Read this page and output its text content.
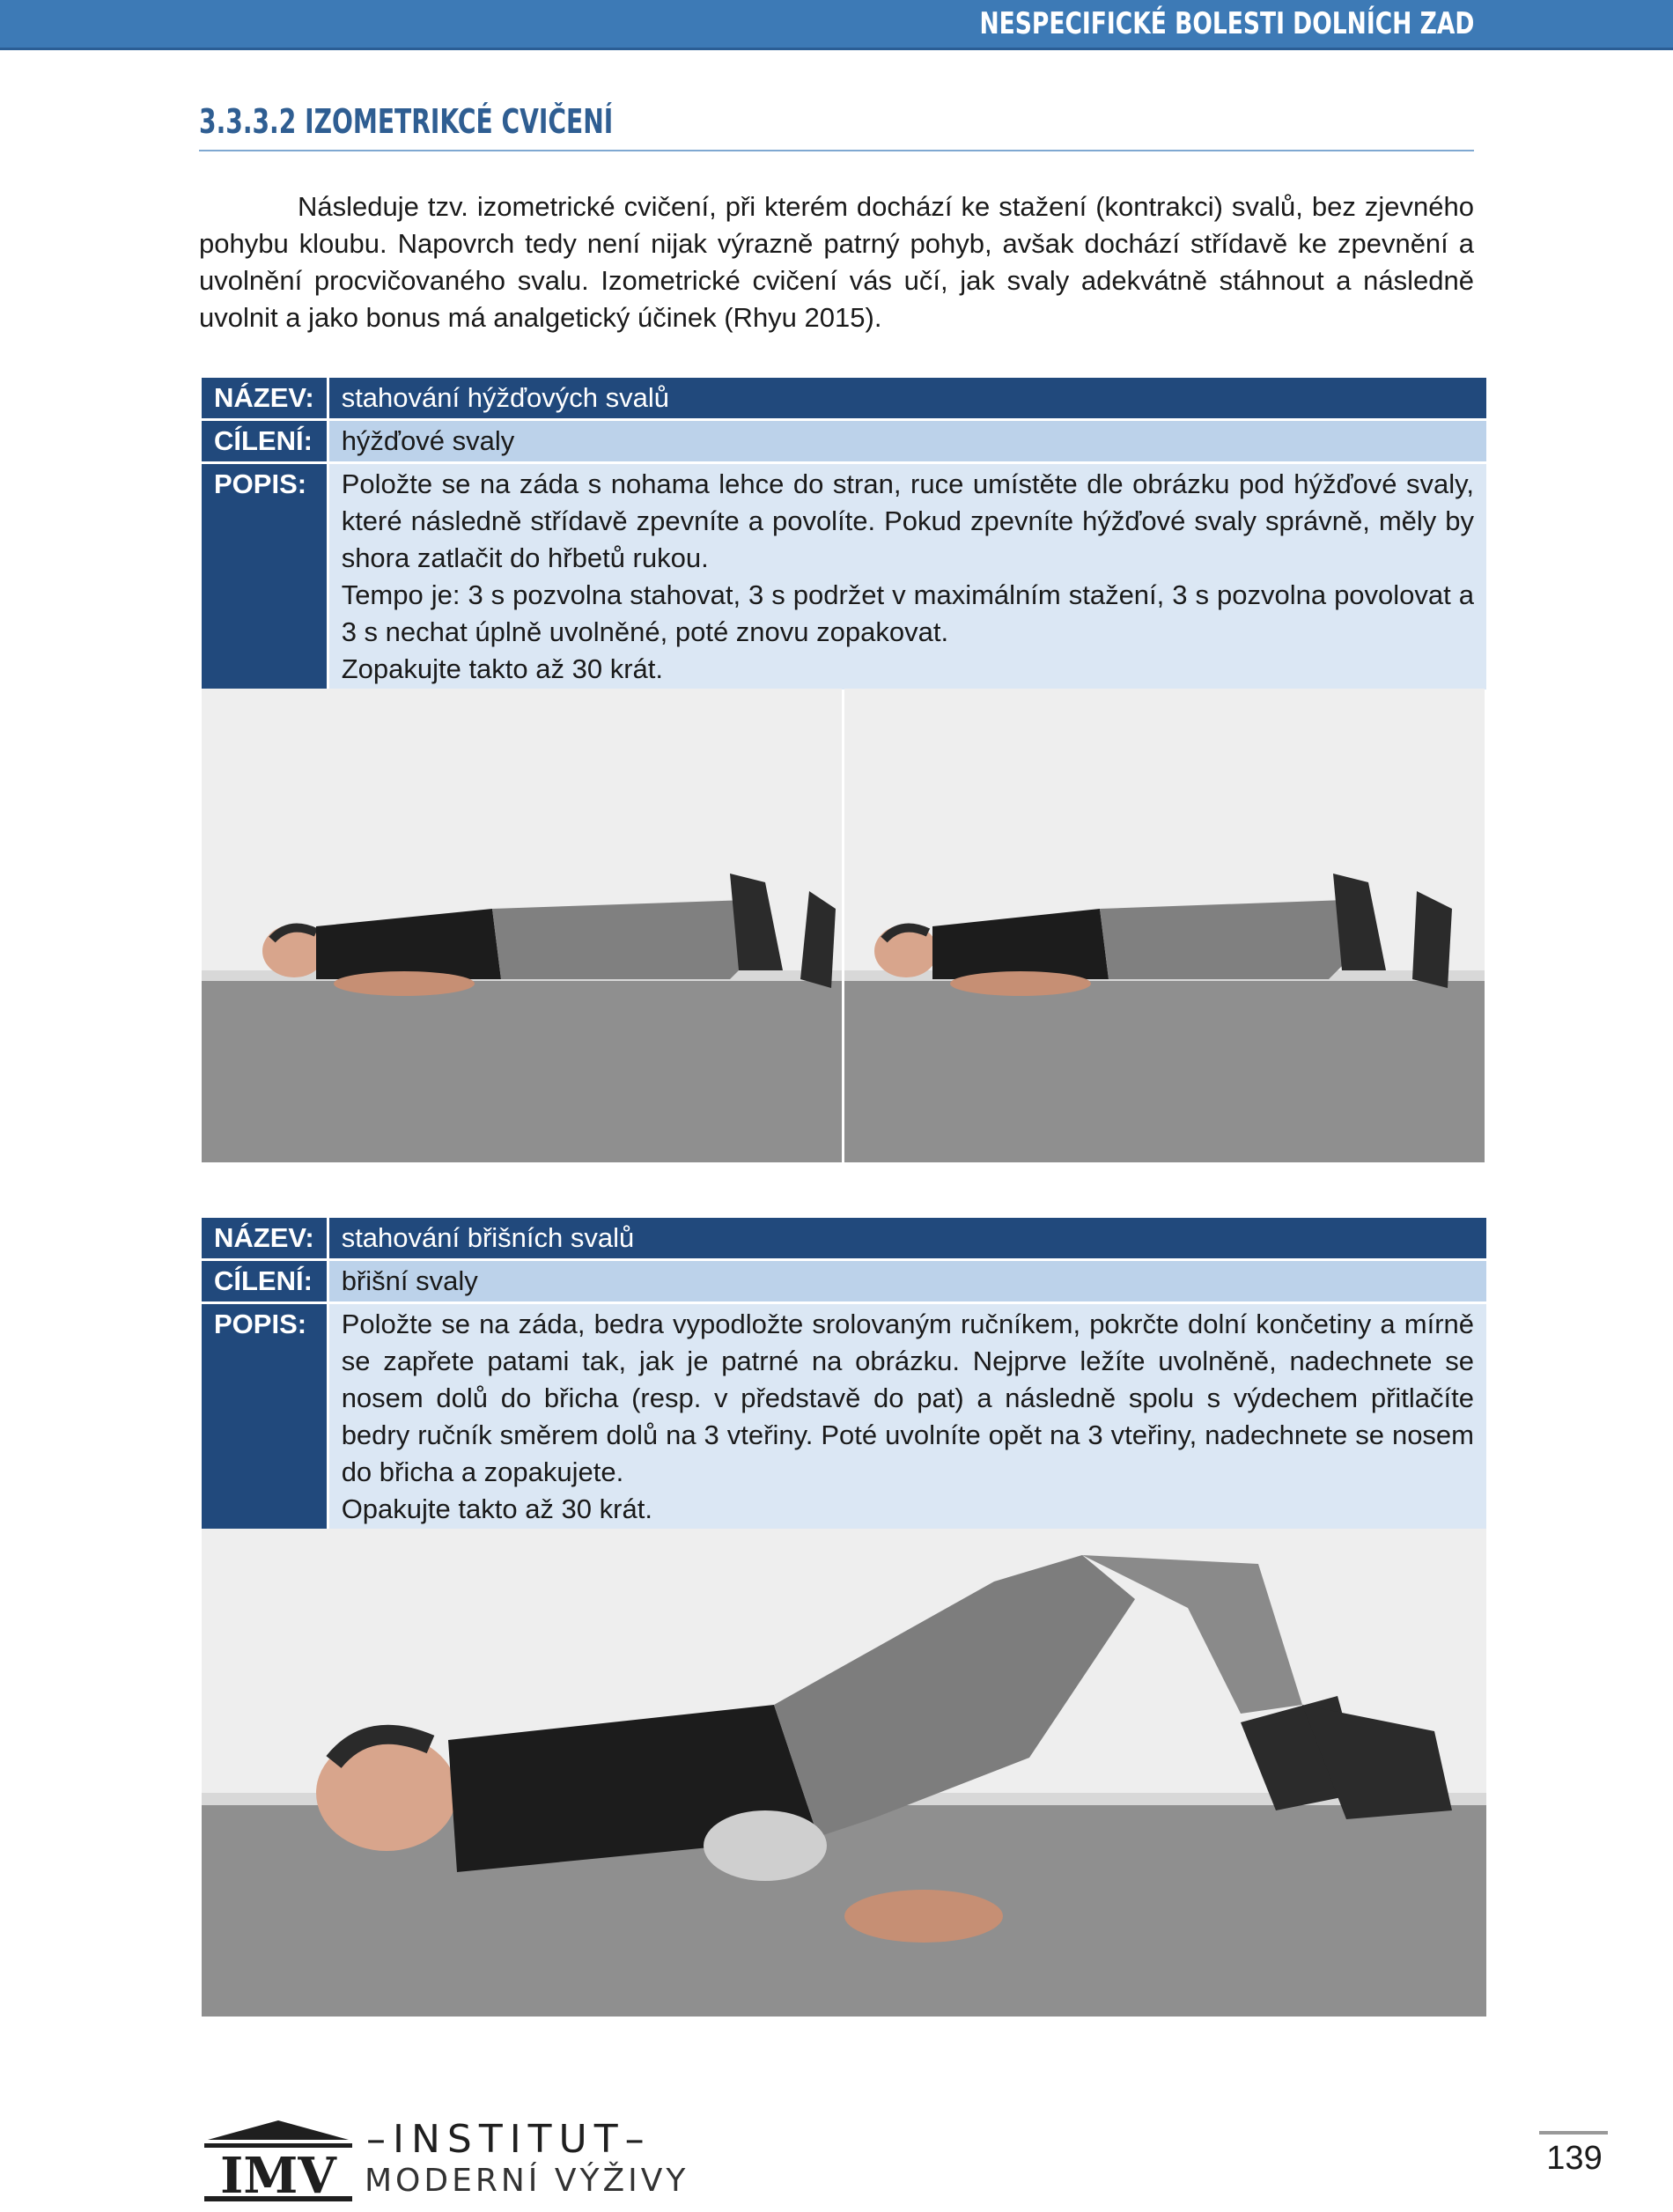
NESPECIFICKÉ BOLESTI DOLNÍCH ZAD
3.3.3.2 IZOMETRIKCÉ CVIČENÍ

Následuje tzv. izometrické cvičení, při kterém dochází ke stažení (kontrakci) svalů, bez zjevného pohybu kloubu. Napovrch tedy není nijak výrazně patrný pohyb, avšak dochází střídavě ke zpevnění a uvolnění procvičovaného svalu. Izometrické cvičení vás učí, jak svaly adekvátně stáhnout a následně uvolnit a jako bonus má analgetický účinek (Rhyu 2015).

NÁZEV:	stahování hýžďových svalů
CÍLENÍ:	hýžďové svaly
POPIS:	Položte se na záda s nohama lehce do stran, ruce umístěte dle obrázku pod hýžďové svaly, které následně střídavě zpevníte a povolíte. Pokud zpevníte hýžďové svaly správně, měly by shora zatlačit do hřbetů rukou.
Tempo je: 3 s pozvolna stahovat, 3 s podržet v maximálním stažení, 3 s pozvolna povolovat a 3 s nechat úplně uvolněné, poté znovu zopakovat.
Zopakujte takto až 30 krát.
NÁZEV:	stahování břišních svalů
CÍLENÍ:	břišní svaly
POPIS:	Položte se na záda, bedra vypodložte srolovaným ručníkem, pokrčte dolní končetiny a mírně se zapřete patami tak, jak je patrné na obrázku. Nejprve ležíte uvolněně, nadechnete se nosem dolů do břicha (resp. v představě do pat) a následně spolu s výdechem přitlačíte bedry ručník směrem dolů na 3 vteřiny. Poté uvolníte opět na 3 vteřiny, nadechnete se nosem do břicha a zopakujete.
Opakujte takto až 30 krát.
IMV
–INSTITUT–
MODERNÍ VÝŽIVY
139
